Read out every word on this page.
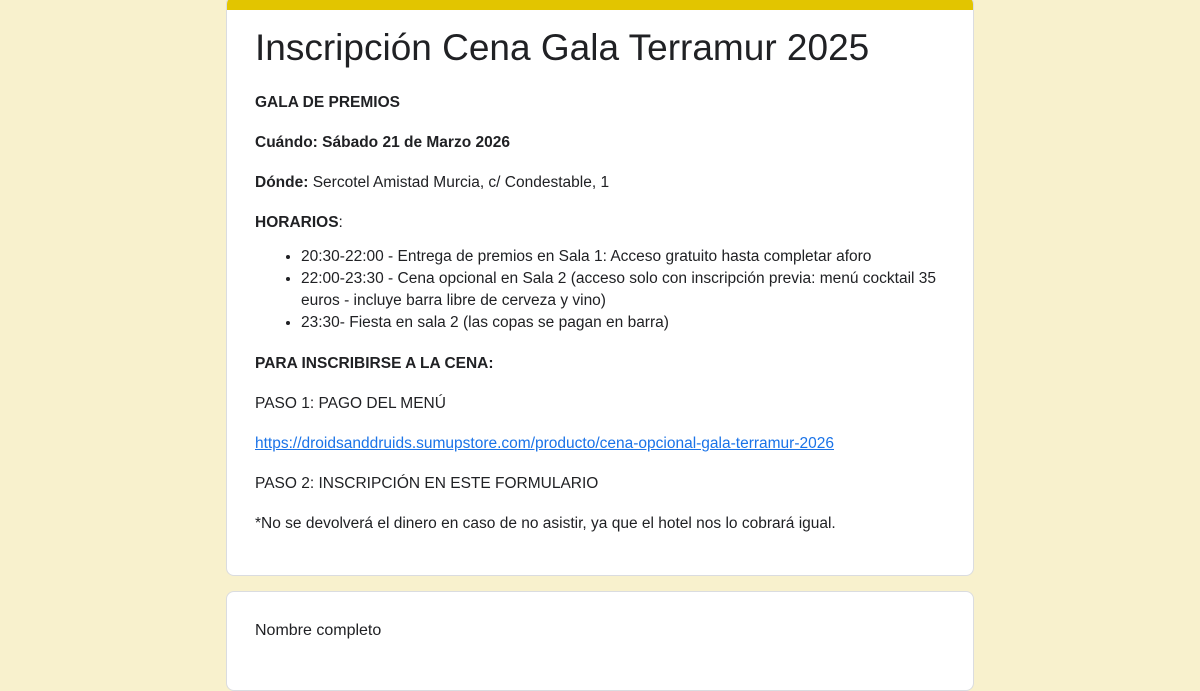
Inscripción Cena Gala Terramur 2025

GALA DE PREMIOS

Cuándo: Sábado 21 de Marzo 2026

Dónde: Sercotel Amistad Murcia, c/ Condestable, 1

HORARIOS:

• 20:30-22:00 - Entrega de premios en Sala 1: Acceso gratuito hasta completar aforo
• 22:00-23:30 - Cena opcional en Sala 2 (acceso solo con inscripción previa: menú cocktail 35 euros - incluye barra libre de cerveza y vino)
• 23:30- Fiesta en sala 2 (las copas se pagan en barra)

PARA INSCRIBIRSE A LA CENA:

PASO 1: PAGO DEL MENÚ

https://droidsanddruids.sumupstore.com/producto/cena-opcional-gala-terramur-2026

PASO 2: INSCRIPCIÓN EN ESTE FORMULARIO

*No se devolverá el dinero en caso de no asistir, ya que el hotel nos lo cobrará igual.

Nombre completo
